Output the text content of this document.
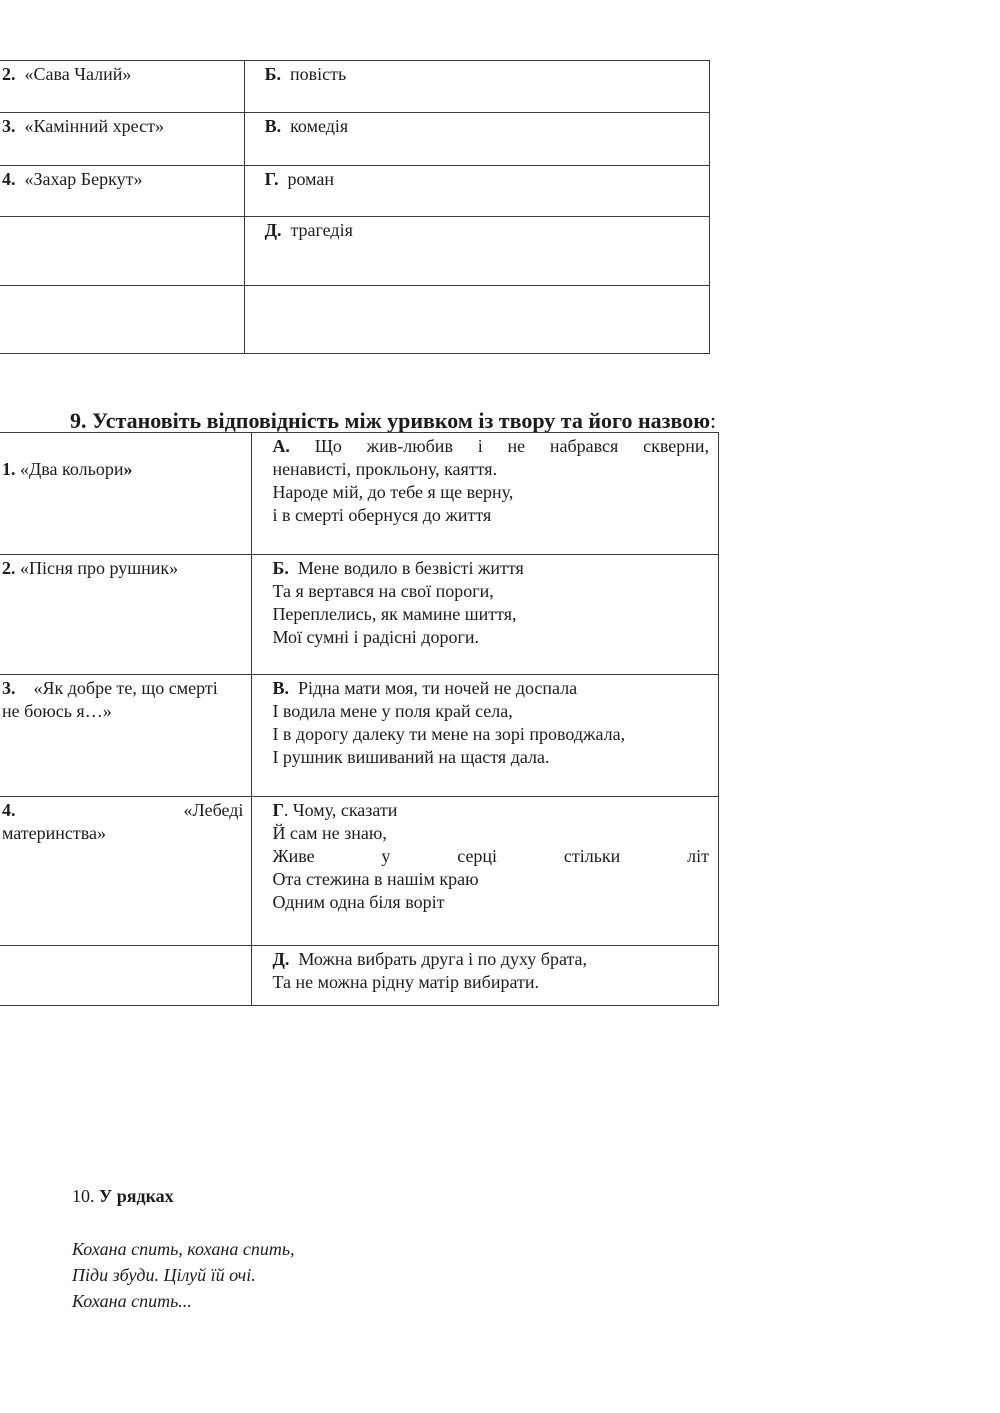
2. «Сава Чалий»	Б. повість
3. «Камінний хрест»	В. комедія
4. «Захар Беркут»	Г. роман
	Д. трагедія

9. Установіть відповідність між уривком із твору та його назвою:
1. «Два кольори»	А. Що жив-любив і не набрався скверни,
ненависті, прокльону, каяття.
Народе мій, до тебе я ще верну,
і в смерті обернуся до життя

2. «Пісня про рушник»	Б. Мене водило в безвісті життя
Та я вертався на свої пороги,
Переплелись, як мамине шиття,
Мої сумні і радісні дороги.

3. «Як добре те, що смерті
не боюсь я…»	В. Рідна мати моя, ти ночей не доспала
І водила мене у поля край села,
І в дорогу далеку ти мене на зорі проводжала,
І рушник вишиваний на щастя дала.

4. «Лебеді
материнства»	Г. Чому, сказати
Й сам не знаю,
Живе у серці стільки літ
Ота стежина в нашім краю
Одним одна біля воріт

	Д. Можна вибрать друга і по духу брата,
Та не можна рідну матір вибирати.
10. У рядках
Кохана спить, кохана спить,
Піди збуди. Цілуй їй очі.
Кохана спить...
